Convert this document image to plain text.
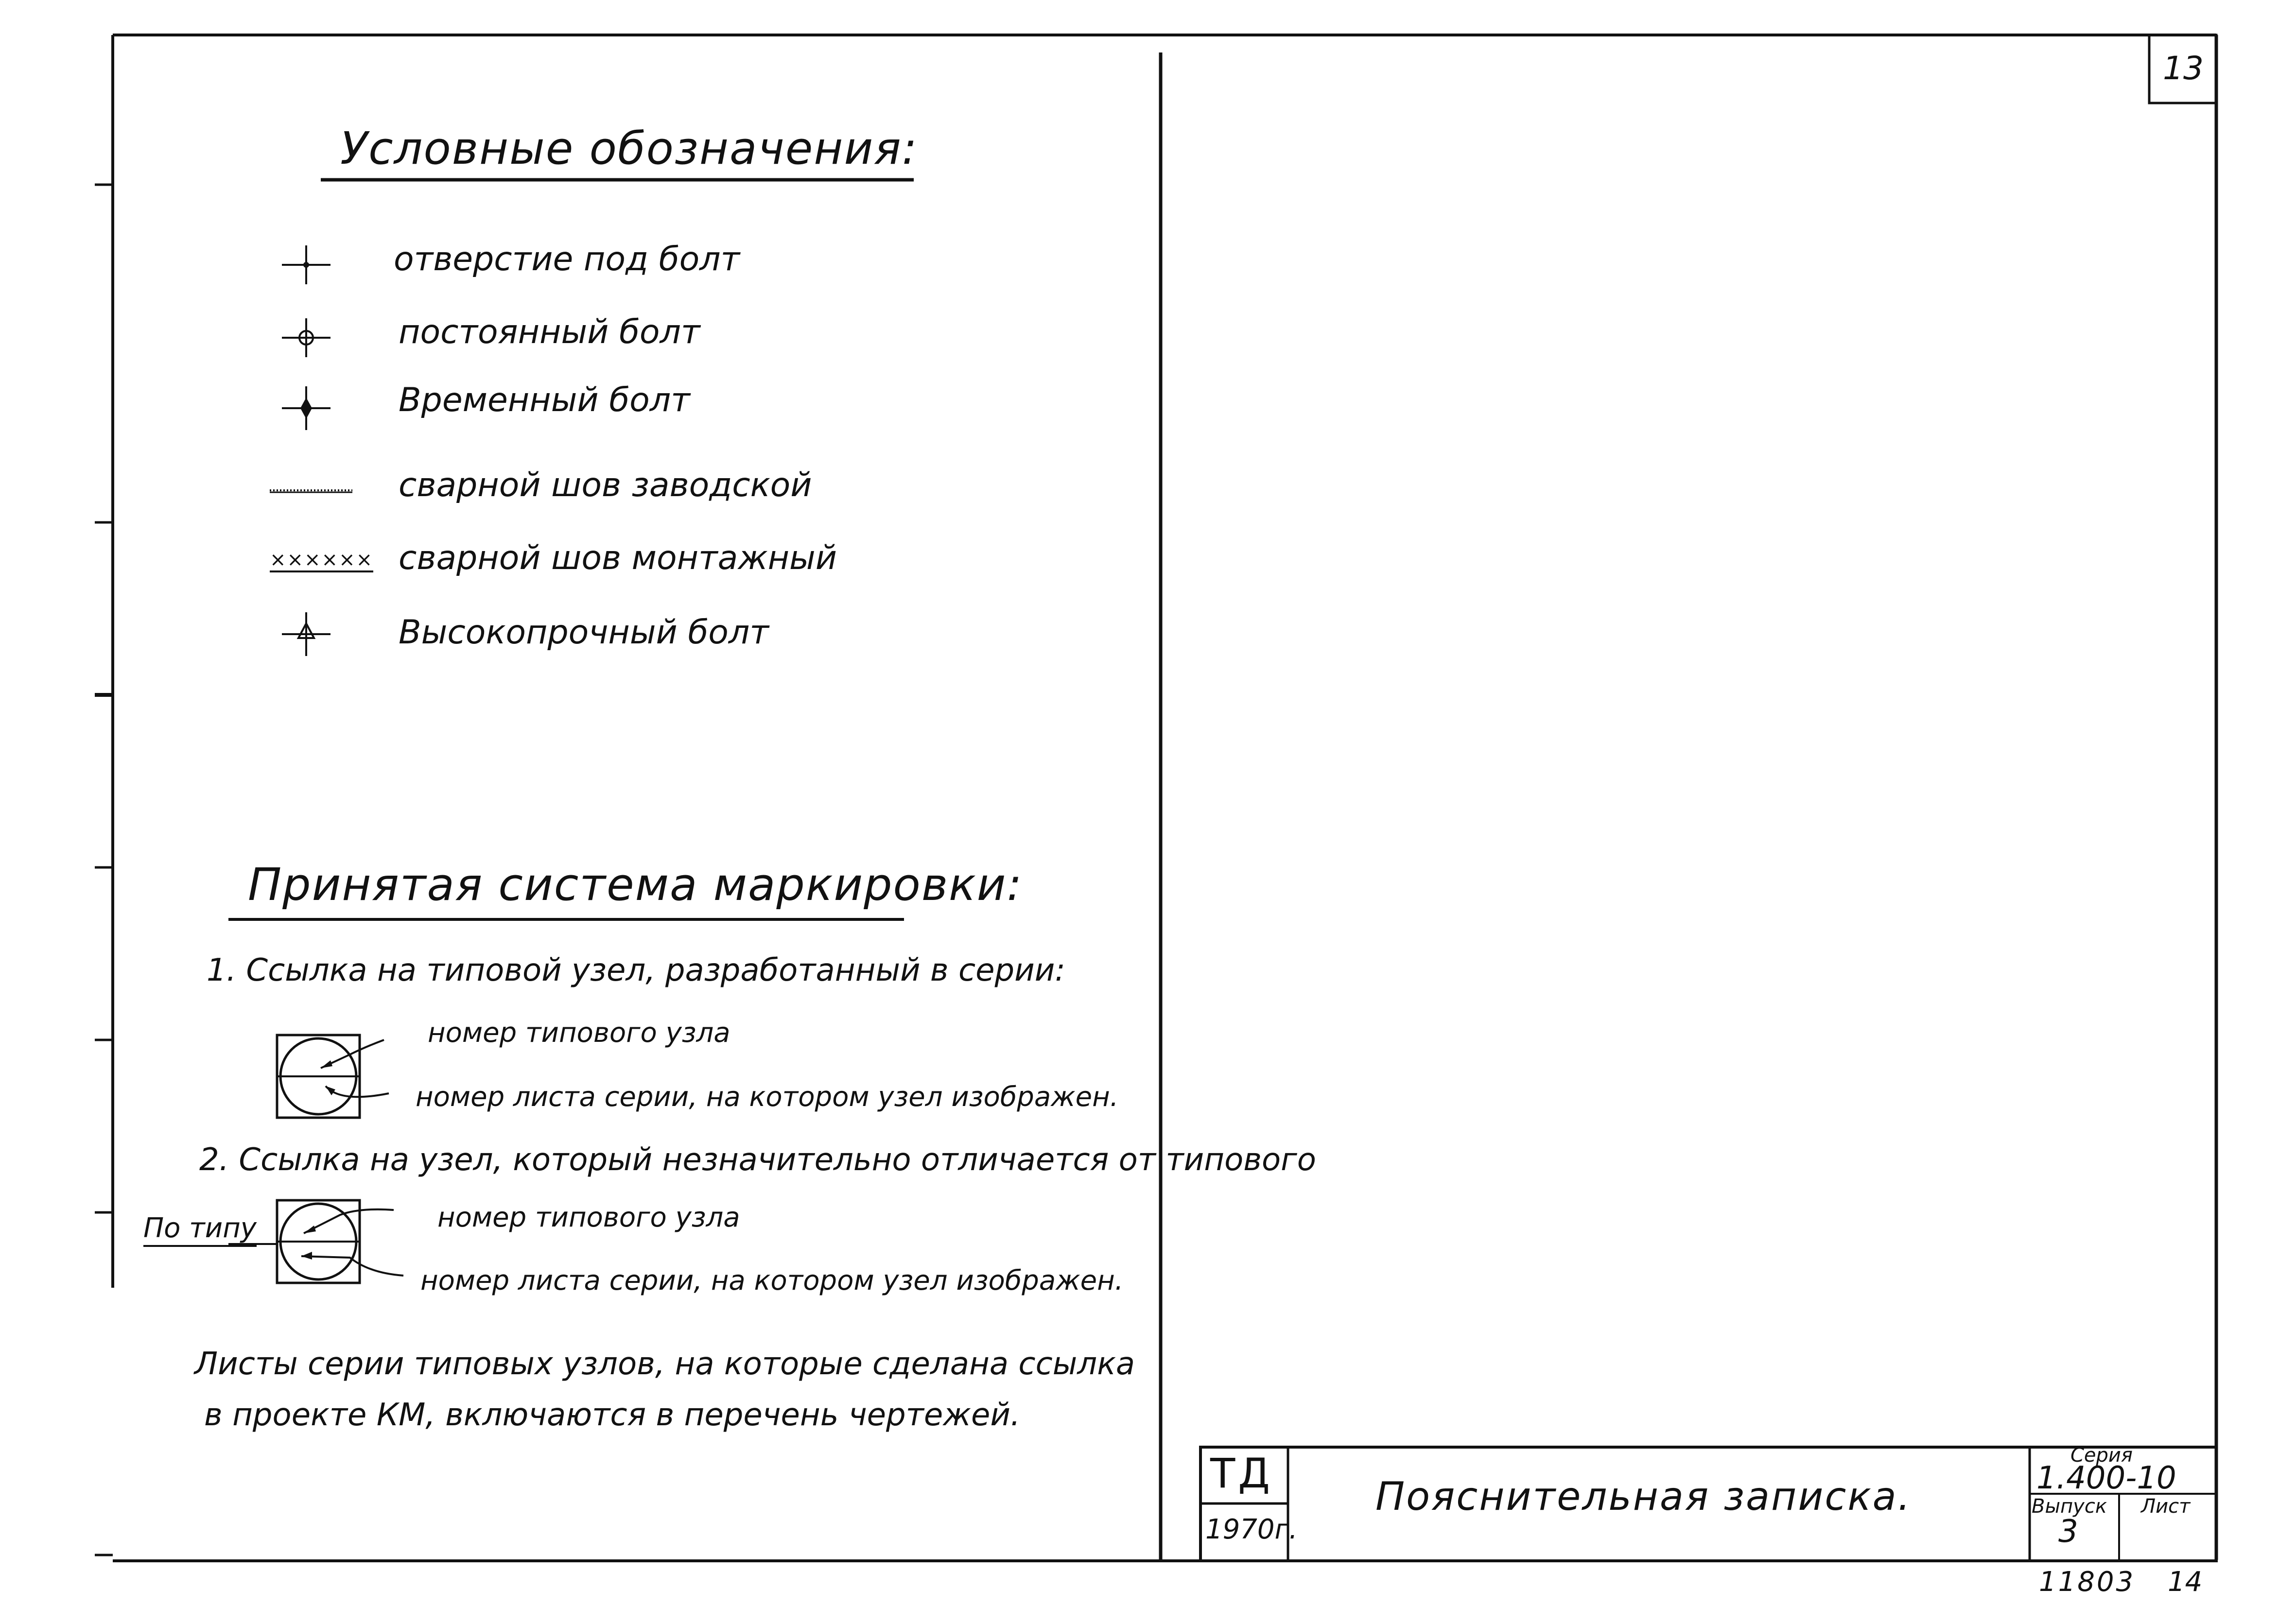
13
Условные обозначения:
отверстие под болт
постоянный болт
Временный болт
сварной шов заводской
×××××× сварной шов монтажный
Высокопрочный болт
Принятая система маркировки:
1. Ссылка на типовой узел, разработанный в серии:
номер типового узла
номер листа серии, на котором узел изображен.
2. Ссылка на узел, который незначительно отличается от типового
По типу	номер типового узла
номер листа серии, на котором узел изображен.
Листы серии типовых узлов, на которые сделана ссылка
в проекте КМ, включаются в перечень чертежей.
ТД
1970г.
Пояснительная записка.
Серия
1.400-10
Выпуск
3
Лист
11803 14
